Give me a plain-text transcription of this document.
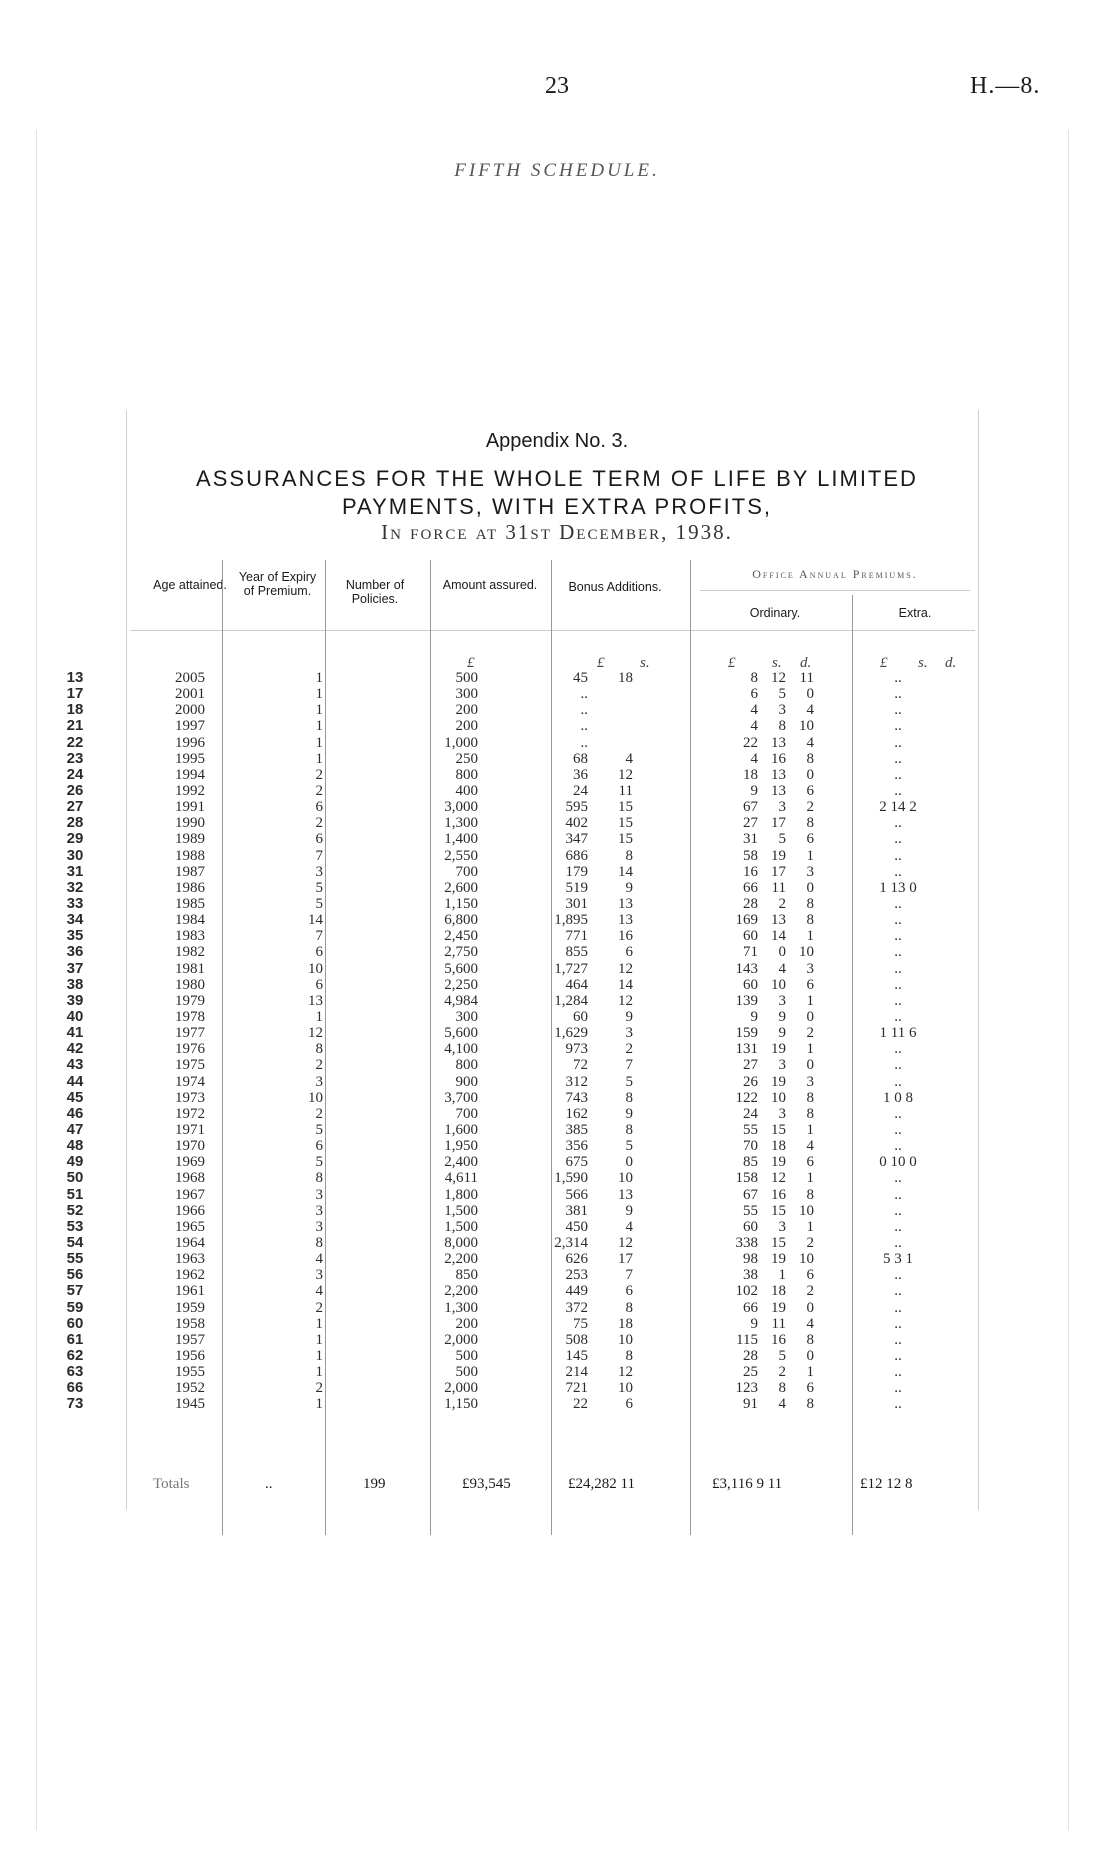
23	H.—8.
FIFTH SCHEDULE.
Appendix No. 3.
ASSURANCES FOR THE WHOLE TERM OF LIFE BY LIMITED
PAYMENTS, WITH EXTRA PROFITS,
In force at 31st December, 1938.
Age attained.
Year of Expiry of Premium.	Number of Policies.
Amount assured. Bonus Additions.
Office Annual Premiums.
Ordinary.	Extra.
£	£ s.	£ s. d.	£ s. d.
13	2005	1		500	45	18		8	12	11		..	
17	2001	1		300	..			6	5	0		..	
18	2000	1		200	..			4	3	4		..	
21	1997	1		200	..			4	8	10		..	
22	1996	1		1,000	..			22	13	4		..	
23	1995	1		250	68	4		4	16	8		..	
24	1994	2		800	36	12		18	13	0		..	
26	1992	2		400	24	11		9	13	6		..	
27	1991	6		3,000	595	15		67	3	2		2 14 2	
28	1990	2		1,300	402	15		27	17	8		..	
29	1989	6		1,400	347	15		31	5	6		..	
30	1988	7		2,550	686	8		58	19	1		..	
31	1987	3		700	179	14		16	17	3		..	
32	1986	5		2,600	519	9		66	11	0		1 13 0	
33	1985	5		1,150	301	13		28	2	8		..	
34	1984	14		6,800	1,895	13		169	13	8		..	
35	1983	7		2,450	771	16		60	14	1		..	
36	1982	6		2,750	855	6		71	0	10		..	
37	1981	10		5,600	1,727	12		143	4	3		..	
38	1980	6		2,250	464	14		60	10	6		..	
39	1979	13		4,984	1,284	12		139	3	1		..	
40	1978	1		300	60	9		9	9	0		..	
41	1977	12		5,600	1,629	3		159	9	2		1 11 6	
42	1976	8		4,100	973	2		131	19	1		..	
43	1975	2		800	72	7		27	3	0		..	
44	1974	3		900	312	5		26	19	3		..	
45	1973	10		3,700	743	8		122	10	8		1 0 8	
46	1972	2		700	162	9		24	3	8		..	
47	1971	5		1,600	385	8		55	15	1		..	
48	1970	6		1,950	356	5		70	18	4		..	
49	1969	5		2,400	675	0		85	19	6		0 10 0	
50	1968	8		4,611	1,590	10		158	12	1		..	
51	1967	3		1,800	566	13		67	16	8		..	
52	1966	3		1,500	381	9		55	15	10		..	
53	1965	3		1,500	450	4		60	3	1		..	
54	1964	8		8,000	2,314	12		338	15	2		..	
55	1963	4		2,200	626	17		98	19	10		5 3 1	
56	1962	3		850	253	7		38	1	6		..	
57	1961	4		2,200	449	6		102	18	2		..	
59	1959	2		1,300	372	8		66	19	0		..	
60	1958	1		200	75	18		9	11	4		..	
61	1957	1		2,000	508	10		115	16	8		..	
62	1956	1		500	145	8		28	5	0		..	
63	1955	1		500	214	12		25	2	1		..	
66	1952	2		2,000	721	10		123	8	6		..	
73	1945	1		1,150	22	6		91	4	8		..	
Totals	..	199	£93,545	£24,282 11	£3,116 9 11	£12 12 8
